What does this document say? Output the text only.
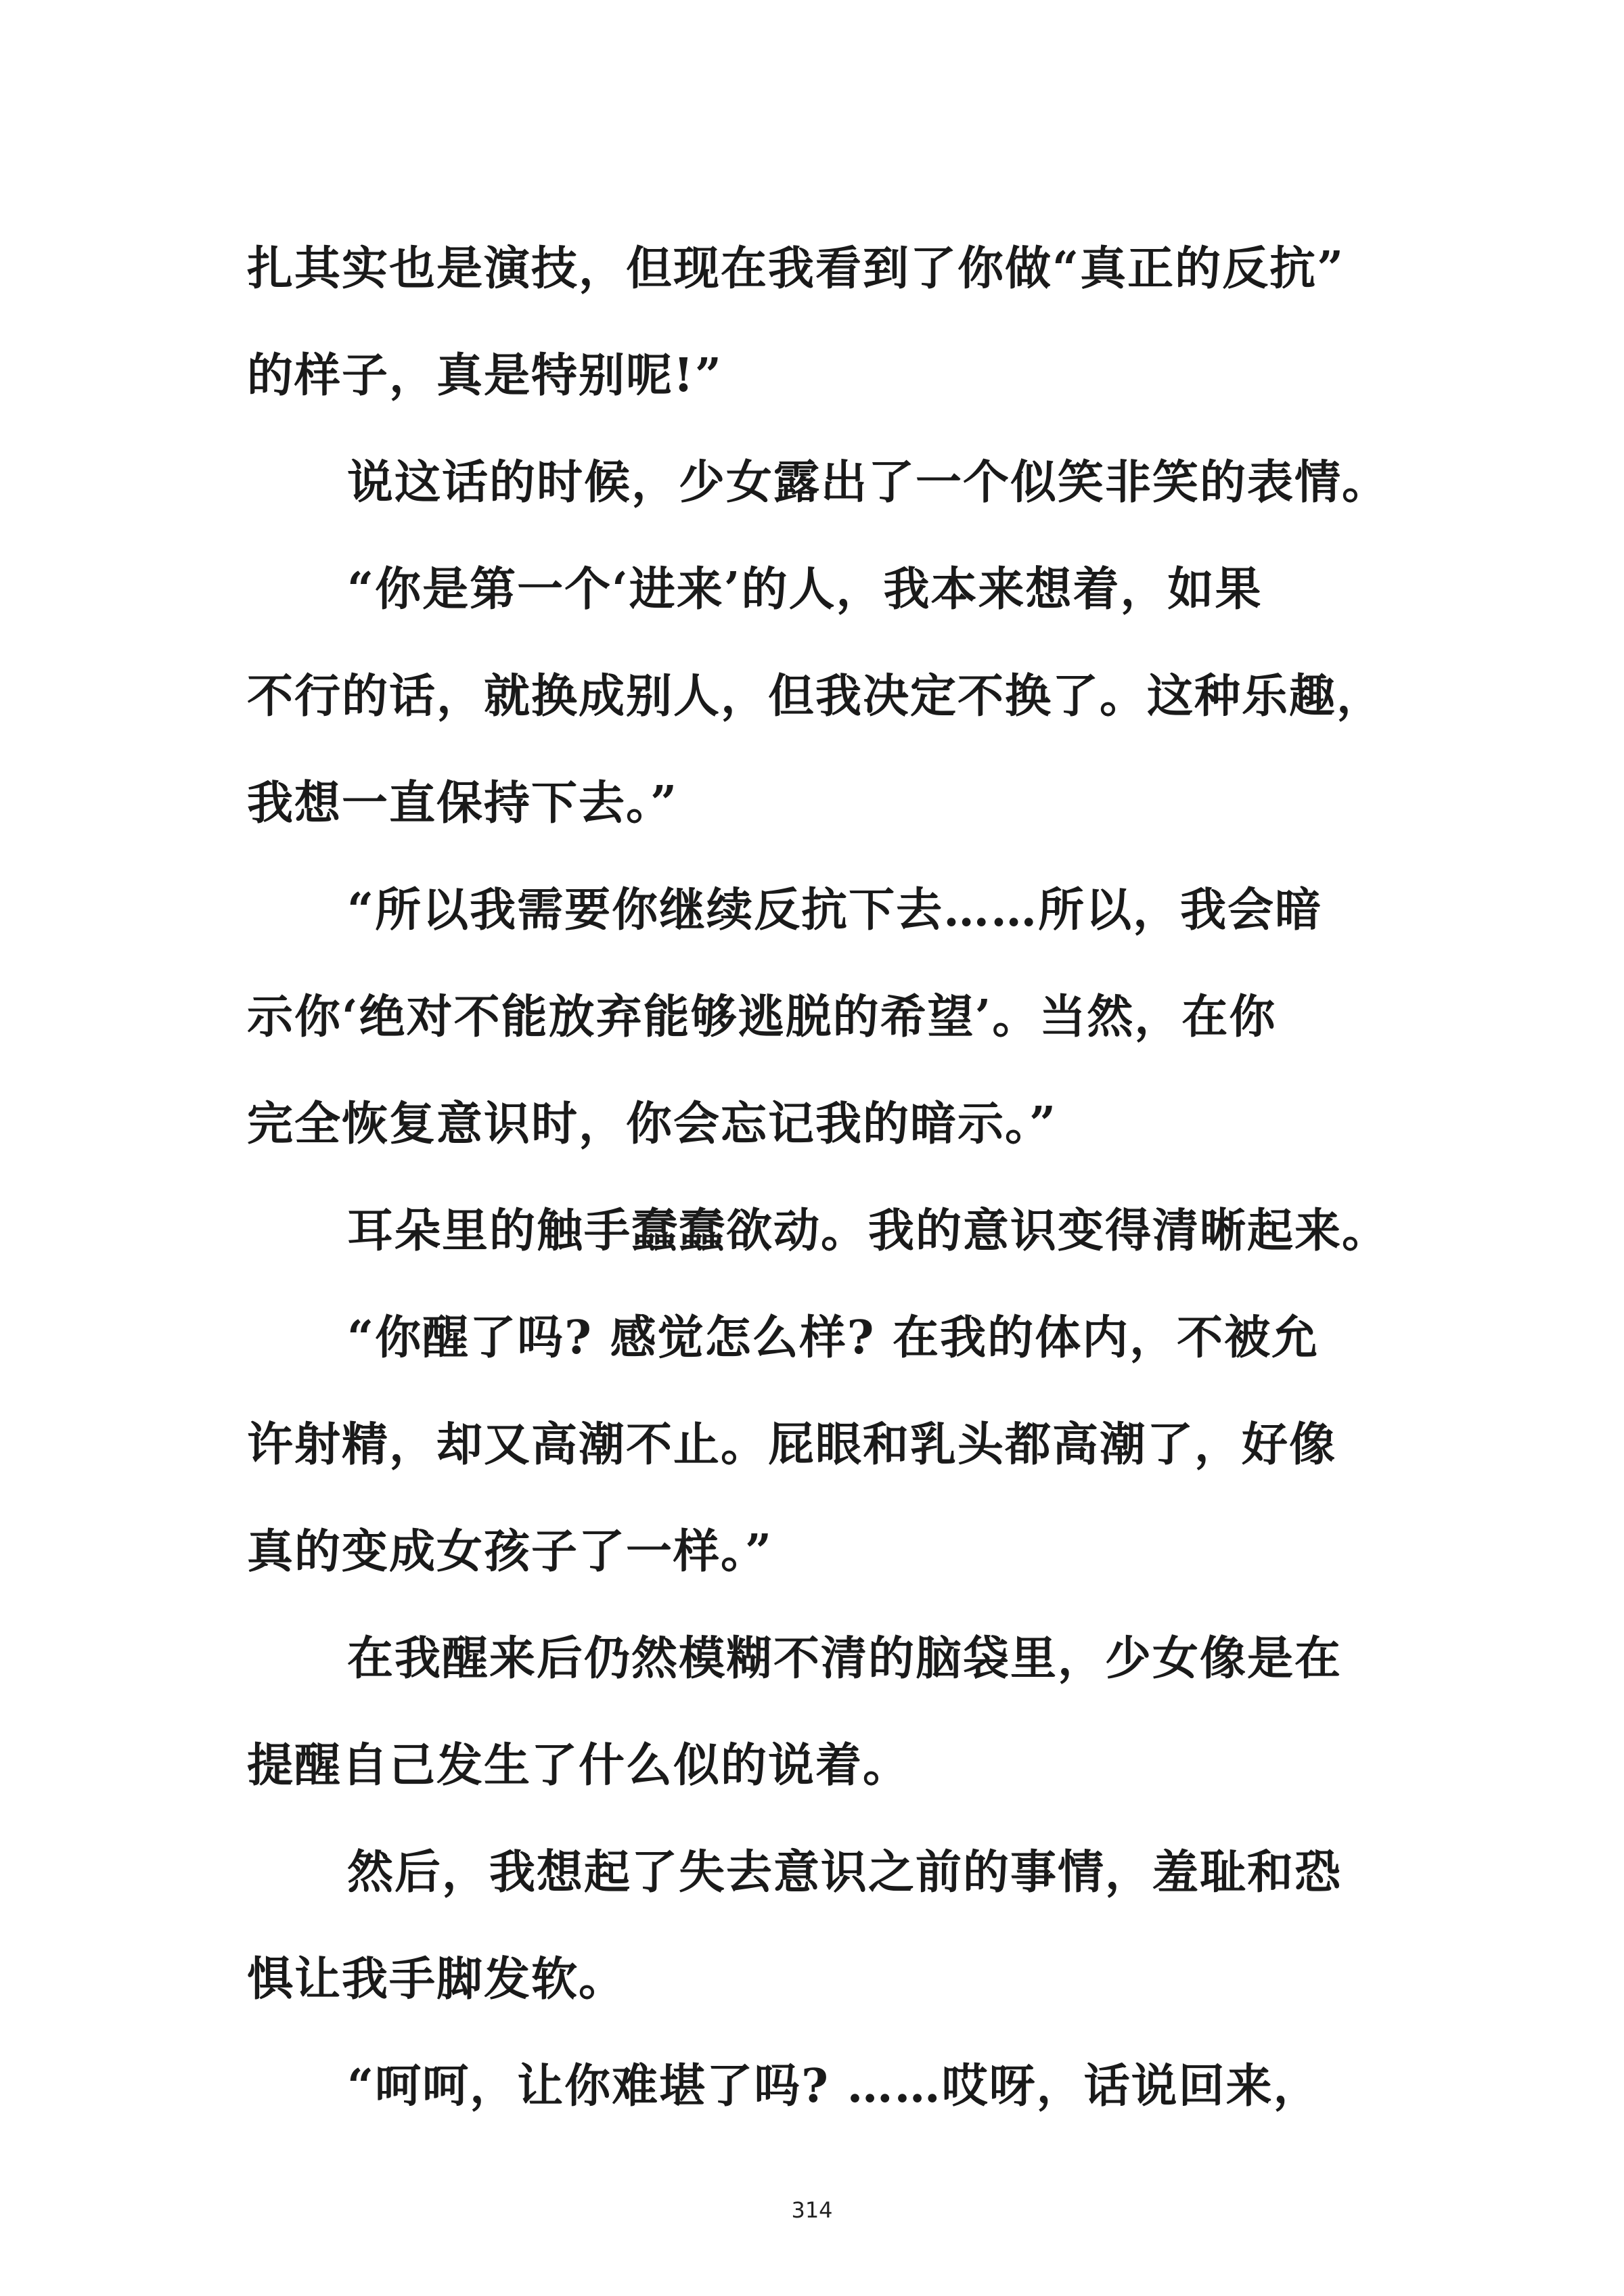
扎其实也是演技，但现在我看到了你做“真正的反抗”
的样子，真是特别呢!”
说这话的时候，少女露出了一个似笑非笑的表情。
“你是第一个‘进来’的人，我本来想着，如果
不行的话，就换成别人，但我决定不换了。这种乐趣，
我想一直保持下去。”
“所以我需要你继续反抗下去……所以，我会暗
示你‘绝对不能放弃能够逃脱的希望’。当然，在你
完全恢复意识时，你会忘记我的暗示。”
耳朵里的触手蠢蠢欲动。我的意识变得清晰起来。
“你醒了吗? 感觉怎么样? 在我的体内，不被允
许射精，却又高潮不止。屁眼和乳头都高潮了，好像
真的变成女孩子了一样。”
在我醒来后仍然模糊不清的脑袋里，少女像是在
提醒自己发生了什么似的说着。
然后，我想起了失去意识之前的事情，羞耻和恐
惧让我手脚发软。
“呵呵，让你难堪了吗? ……哎呀，话说回来，
314
